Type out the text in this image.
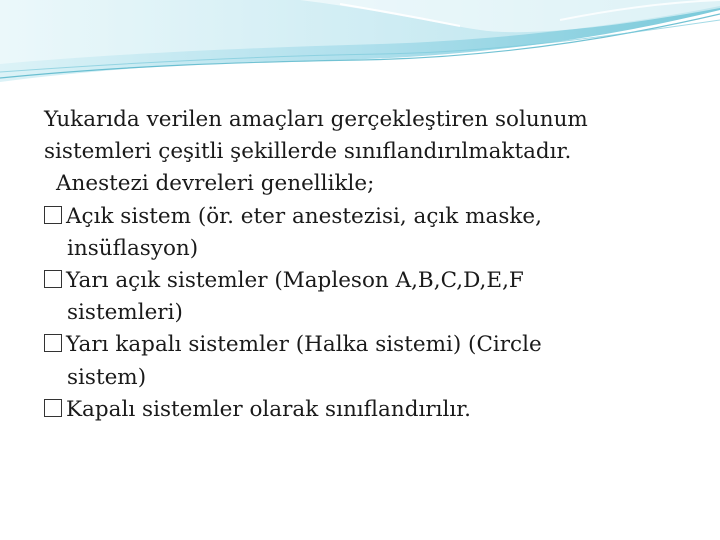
Yukarıda verilen amaçları gerçekleştiren solunum
sistemleri çeşitli şekillerde sınıflandırılmaktadır.
Anestezi devreleri genellikle;
Açık sistem (ör. eter anestezisi, açık maske,
insüflasyon)
Yarı açık sistemler (Mapleson A,B,C,D,E,F
sistemleri)
Yarı kapalı sistemler (Halka sistemi) (Circle
sistem)
Kapalı sistemler olarak sınıflandırılır.
